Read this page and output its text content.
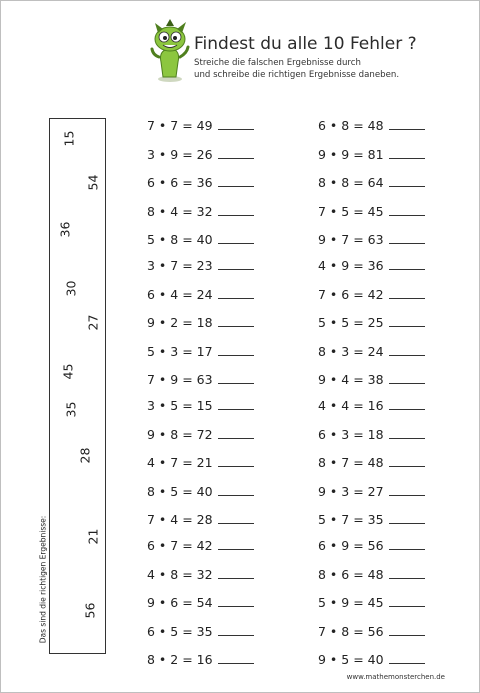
Findest du alle 10 Fehler ?
Streiche die falschen Ergebnisse durch
und schreibe die richtigen Ergebnisse daneben.
Das sind die richtigen Ergebnisse:
15
54
36
30
27
45
35
28
21
56
7 • 7 = 49
3 • 9 = 26
6 • 6 = 36
8 • 4 = 32
5 • 8 = 40
3 • 7 = 23
6 • 4 = 24
9 • 2 = 18
5 • 3 = 17
7 • 9 = 63
3 • 5 = 15
9 • 8 = 72
4 • 7 = 21
8 • 5 = 40
7 • 4 = 28
6 • 7 = 42
4 • 8 = 32
9 • 6 = 54
6 • 5 = 35
8 • 2 = 16
6 • 8 = 48
9 • 9 = 81
8 • 8 = 64
7 • 5 = 45
9 • 7 = 63
4 • 9 = 36
7 • 6 = 42
5 • 5 = 25
8 • 3 = 24
9 • 4 = 38
4 • 4 = 16
6 • 3 = 18
8 • 7 = 48
9 • 3 = 27
5 • 7 = 35
6 • 9 = 56
8 • 6 = 48
5 • 9 = 45
7 • 8 = 56
9 • 5 = 40
www.mathemonsterchen.de
